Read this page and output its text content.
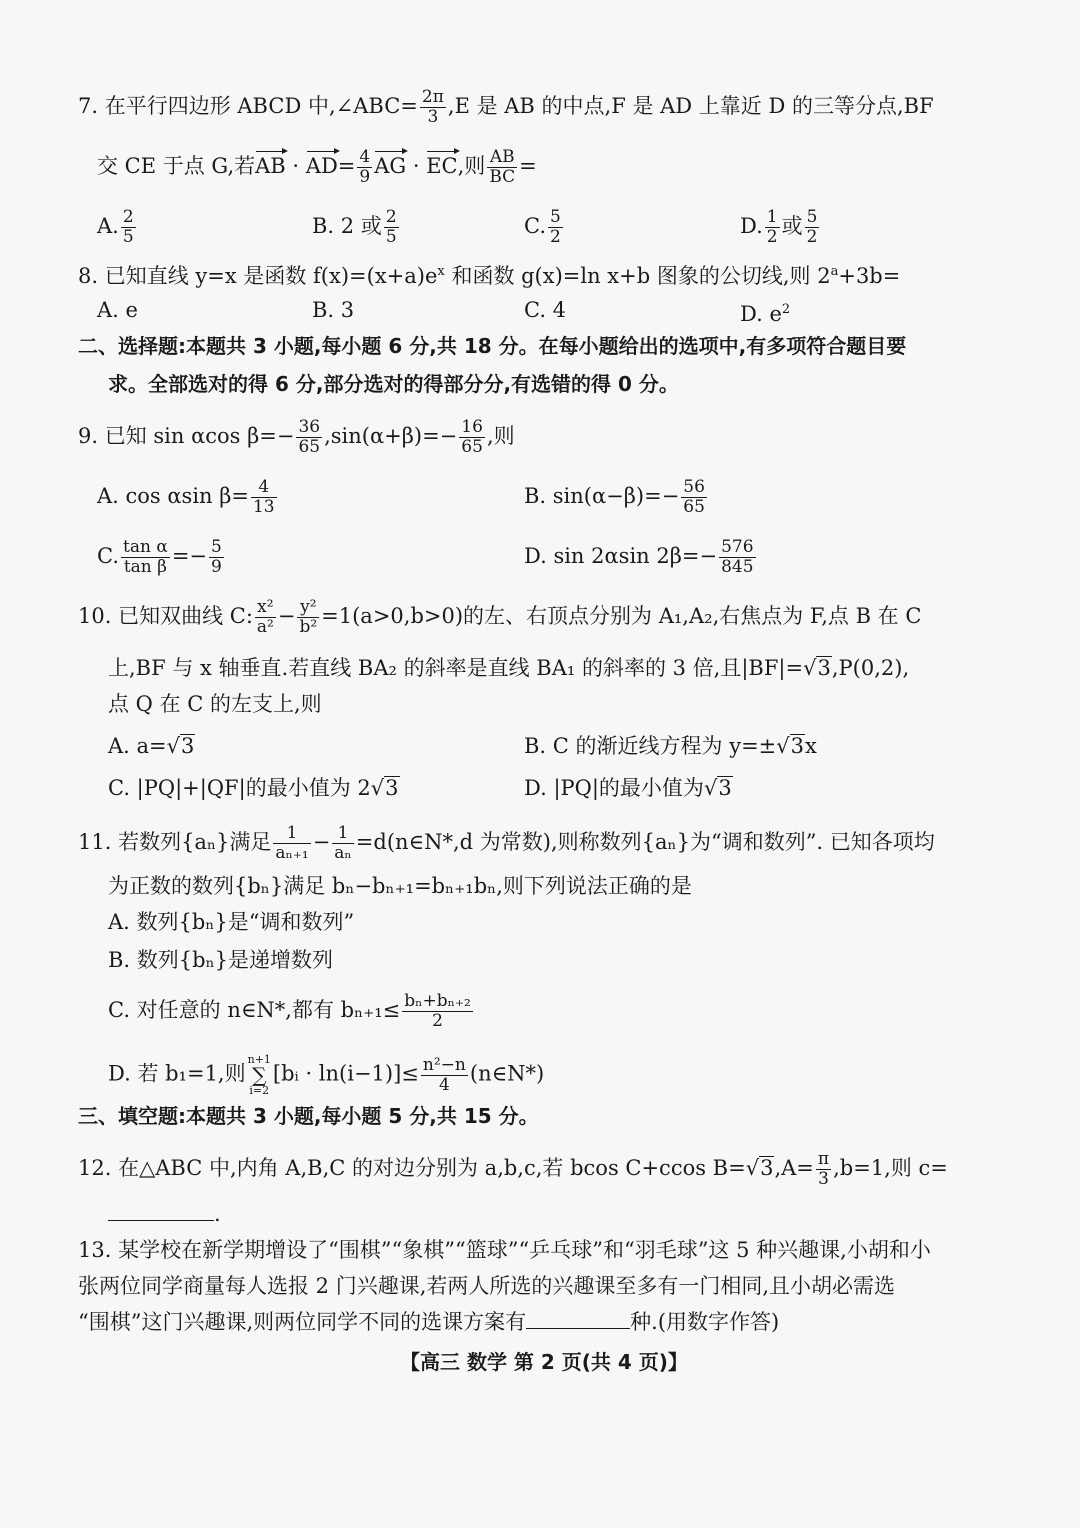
7. 在平行四边形 ABCD 中,∠ABC= $\frac{2\pi}{3} ,E$ 是 AB 的中点,F 是 AD 上靠近 D 的三等分点,BF
交 CE 于点 G,若AB · $AD= \frac{4}{9}$ AG · EC,则 $\frac{AB}{BC}$ =
A. $\frac{2}{5}$	B. 2 或 $\frac{2}{5}$	C. $\frac{5}{2}$	D. $\frac{1}{2}$ 或 $\frac{5}{2}$
8. 已知直线 y=x 是函数 $f(x)=(x+a)e^x$ 和函数 g(x)=ln x+b 图象的公切线,则 $2^a+3b=$
A. e	B. 3	C. 4	D. $e^2$
二、选择题:本题共 3 小题,每小题 6 分,共 18 分。在每小题给出的选项中,有多项符合题目要
求。全部选对的得 6 分,部分选对的得部分分,有选错的得 0 分。
9. 已知 sin αcos $\beta=- \frac{36}{65} ,\sin(\alpha+\beta)=- \frac{16}{65}$ ,则
A. cos αsin $\beta= \frac{4}{13}$	B. $\sin(\alpha-\beta)=- \frac{56}{65}$
C. $\frac{\text{tan α}}{\text{tan β}} =- \frac{5}{9}$	D. sin 2αsin $2\beta=- \frac{576}{845}$
10. 已知双曲线 C: $\frac{\text{x²}}{\text{a²}} - \frac{\text{y²}}{\text{b²}} =1(a>0,b>0)$的左、右顶点分别为 A₁,A₂,右焦点为 F,点 B 在 C
上,BF 与 x 轴垂直.若直线 BA₂ 的斜率是直线 BA₁ 的斜率的 3 倍,且|BF|=√3,P(0,2),
点 Q 在 C 的左支上,则
A. a=√3	B. C 的渐近线方程为 y=±√3x
C. |PQ|+|QF|的最小值为 2√3	D. |PQ|的最小值为√3
11. 若数列{aₙ}满足 $\frac{1}{\text{aₙ₊₁}} - \frac{1}{\text{aₙ}}$ =d(n∈N*,d 为常数),则称数列{aₙ}为“调和数列”. 已知各项均
为正数的数列{bₙ}满足 bₙ−bₙ₊₁=bₙ₊₁bₙ,则下列说法正确的是
A. 数列{bₙ}是“调和数列”
B. 数列{bₙ}是递增数列
C. 对任意的 n∈N*,都有 $b_{n+1}\le \frac{\text{bₙ+bₙ₊₂}}{2}$
D. 若 b₁=1,则n+1
∑
i=2[bᵢ · $\ln(i-1)]\le \frac{\text{n²−n}}{4}$ (n∈N*)
三、填空题:本题共 3 小题,每小题 5 分,共 15 分。
12. 在△ABC 中,内角 A,B,C 的对边分别为 a,b,c,若 bcos C+ccos $B=√3,A= \frac{\pi}{3} ,b=1$,则 c=
.
13. 某学校在新学期增设了“围棋”“象棋”“篮球”“乒乓球”和“羽毛球”这 5 种兴趣课,小胡和小
张两位同学商量每人选报 2 门兴趣课,若两人所选的兴趣课至多有一门相同,且小胡必需选
“围棋”这门兴趣课,则两位同学不同的选课方案有	种.(用数字作答)
【高三 数学 第 2 页(共 4 页)】
